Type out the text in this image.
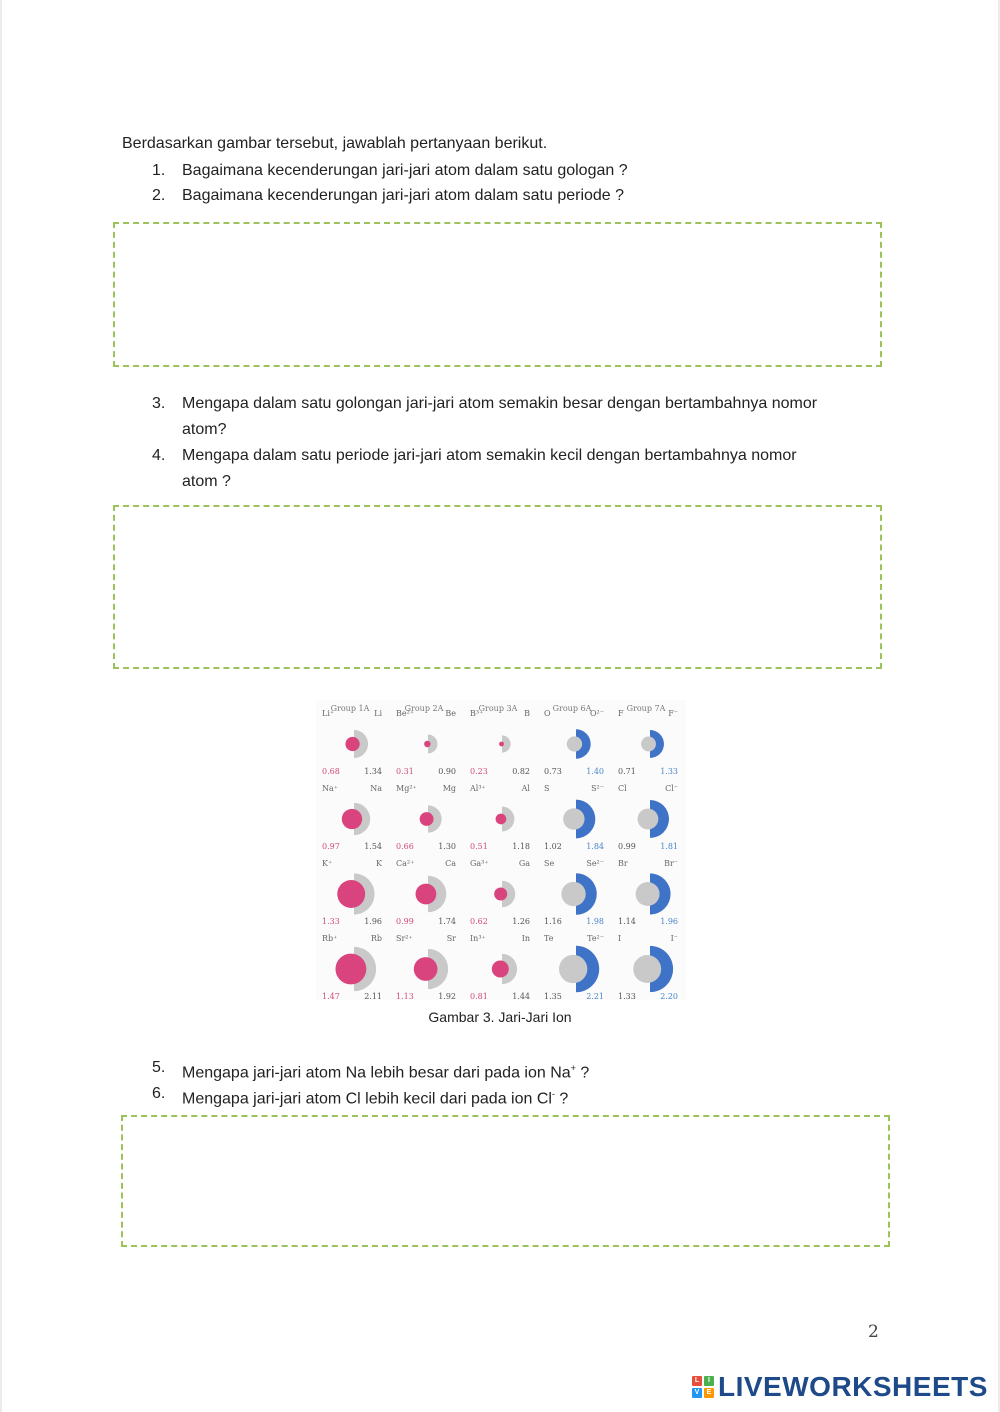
Berdasarkan gambar tersebut, jawablah pertanyaan berikut.
1.	Bagaimana kecenderungan jari-jari atom dalam satu gologan ?
2.	Bagaimana kecenderungan jari-jari atom dalam satu periode ?
3.	Mengapa dalam satu golongan jari-jari atom semakin besar dengan bertambahnya nomor
atom?
4.	Mengapa dalam satu periode jari-jari atom semakin kecil dengan bertambahnya nomor
atom ?
Group 1A	Group 2A	Group 3A	Group 6A	Group 7A
Li⁺	Li
0.68	1.34
Be²⁺	Be
0.31	0.90
B³⁺	B
0.23	0.82
O	O²⁻
0.73	1.40
F	F⁻
0.71	1.33
Na⁺	Na
0.97	1.54
Mg²⁺	Mg
0.66	1.30
Al³⁺	Al
0.51	1.18
S	S²⁻
1.02	1.84
Cl	Cl⁻
0.99	1.81
K⁺	K
1.33	1.96
Ca²⁺	Ca
0.99	1.74
Ga³⁺	Ga
0.62	1.26
Se	Se²⁻
1.16	1.98
Br	Br⁻
1.14	1.96
Rb⁺	Rb
1.47	2.11
Sr²⁺	Sr
1.13	1.92
In³⁺	In
0.81	1.44
Te	Te²⁻
1.35	2.21
I	I⁻
1.33	2.20
Gambar 3. Jari-Jari Ion
5.	Mengapa jari-jari atom Na lebih besar dari pada ion Na+ ?
6.	Mengapa jari-jari atom Cl lebih kecil dari pada ion Cl- ?
2
L	I
V	E LIVEWORKSHEETS
